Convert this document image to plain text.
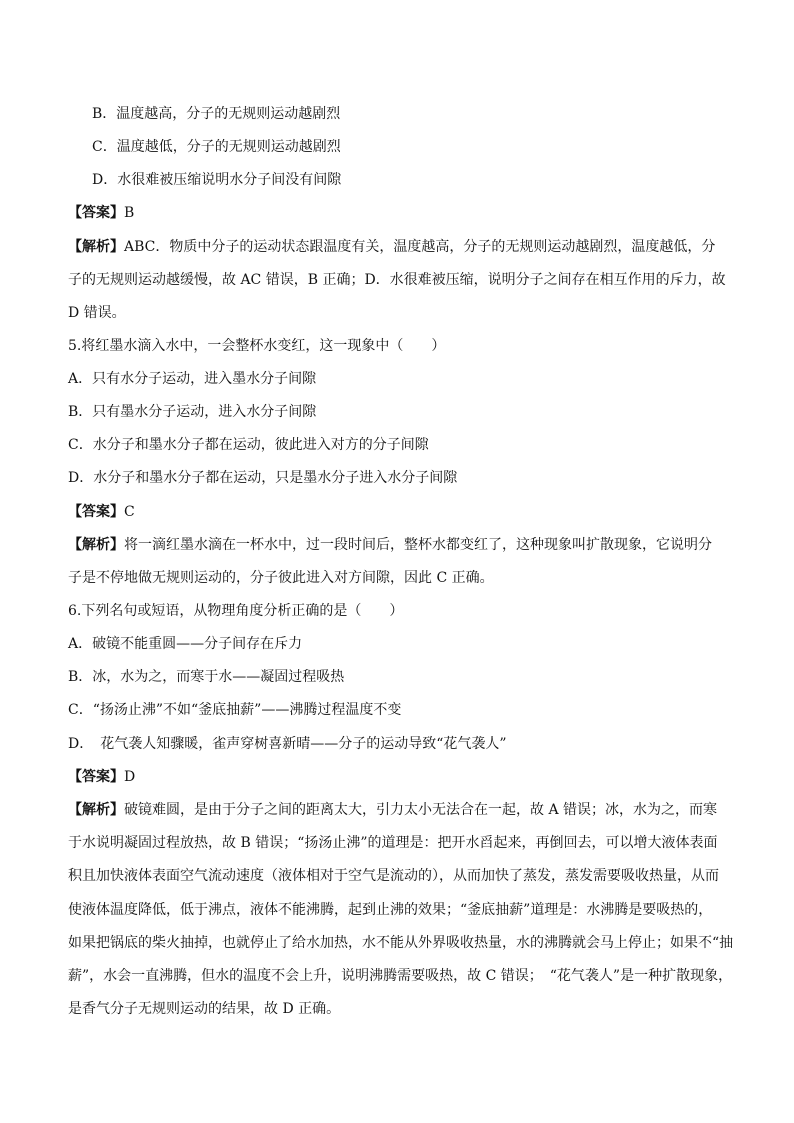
B．温度越高，分子的无规则运动越剧烈
C．温度越低，分子的无规则运动越剧烈
D．水很难被压缩说明水分子间没有间隙
【答案】B
【解析】ABC．物质中分子的运动状态跟温度有关，温度越高，分子的无规则运动越剧烈，温度越低，分
子的无规则运动越缓慢，故 AC 错误，B 正确；D．水很难被压缩，说明分子之间存在相互作用的斥力，故
D 错误。
5.将红墨水滴入水中，一会整杯水变红，这一现象中（　　）
A．只有水分子运动，进入墨水分子间隙
B．只有墨水分子运动，进入水分子间隙
C．水分子和墨水分子都在运动，彼此进入对方的分子间隙
D．水分子和墨水分子都在运动，只是墨水分子进入水分子间隙
【答案】C
【解析】将一滴红墨水滴在一杯水中，过一段时间后，整杯水都变红了，这种现象叫扩散现象，它说明分
子是不停地做无规则运动的，分子彼此进入对方间隙，因此 C 正确。
6.下列名句或短语，从物理角度分析正确的是（　　）
A．破镜不能重圆——分子间存在斥力
B．冰，水为之，而寒于水——凝固过程吸热
C．“扬汤止沸”不如“釜底抽薪”——沸腾过程温度不变
D．　花气袭人知骤暖，雀声穿树喜新晴——分子的运动导致“花气袭人”
【答案】D
【解析】破镜难圆，是由于分子之间的距离太大，引力太小无法合在一起，故 A 错误；冰，水为之，而寒
于水说明凝固过程放热，故 B 错误；“扬汤止沸”的道理是：把开水舀起来，再倒回去，可以增大液体表面
积且加快液体表面空气流动速度（液体相对于空气是流动的），从而加快了蒸发，蒸发需要吸收热量，从而
使液体温度降低，低于沸点，液体不能沸腾，起到止沸的效果；“釜底抽薪”道理是：水沸腾是要吸热的，
如果把锅底的柴火抽掉，也就停止了给水加热，水不能从外界吸收热量，水的沸腾就会马上停止；如果不“抽
薪”，水会一直沸腾，但水的温度不会上升，说明沸腾需要吸热，故 C 错误；　“花气袭人”是一种扩散现象，
是香气分子无规则运动的结果，故 D 正确。
